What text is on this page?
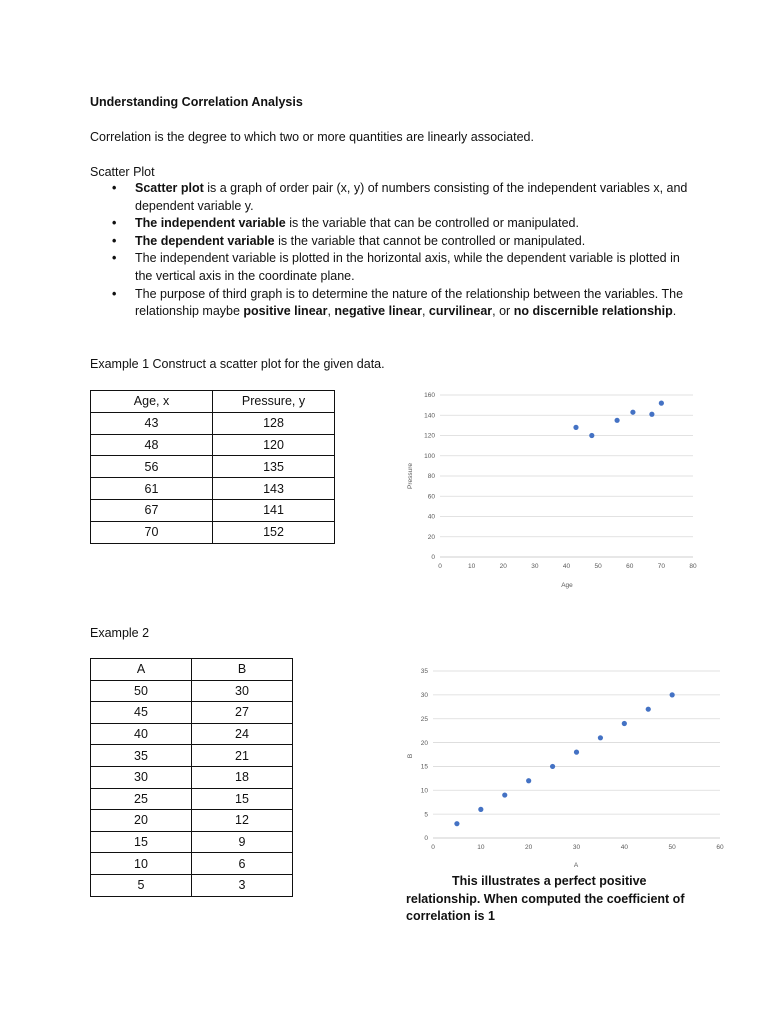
Understanding Correlation Analysis
Correlation is the degree to which two or more quantities are linearly associated.
Scatter Plot
• Scatter plot is a graph of order pair (x, y) of numbers consisting of the independent variables x, and dependent variable y.
• The independent variable is the variable that can be controlled or manipulated.
• The dependent variable is the variable that cannot be controlled or manipulated.
• The independent variable is plotted in the horizontal axis, while the dependent variable is plotted in the vertical axis in the coordinate plane.
• The purpose of third graph is to determine the nature of the relationship between the variables. The relationship maybe positive linear, negative linear, curvilinear, or no discernible relationship.
Example 1 Construct a scatter plot for the given data.
Age, x	Pressure, y
43	128
48	120
56	135
61	143
67	141
70	152
0
20
40
60
80
100
120
140
160
0	10	20	30	40	50	60	70	80
Age
Pressure
Example 2
A	B
50	30
45	27
40	24
35	21
30	18
25	15
20	12
15	9
10	6
5	3
0
5
10
15
20
25
30
35
0	10	20	30	40	50	60
A
B
This illustrates a perfect positive
relationship. When computed the coefficient of correlation is 1
